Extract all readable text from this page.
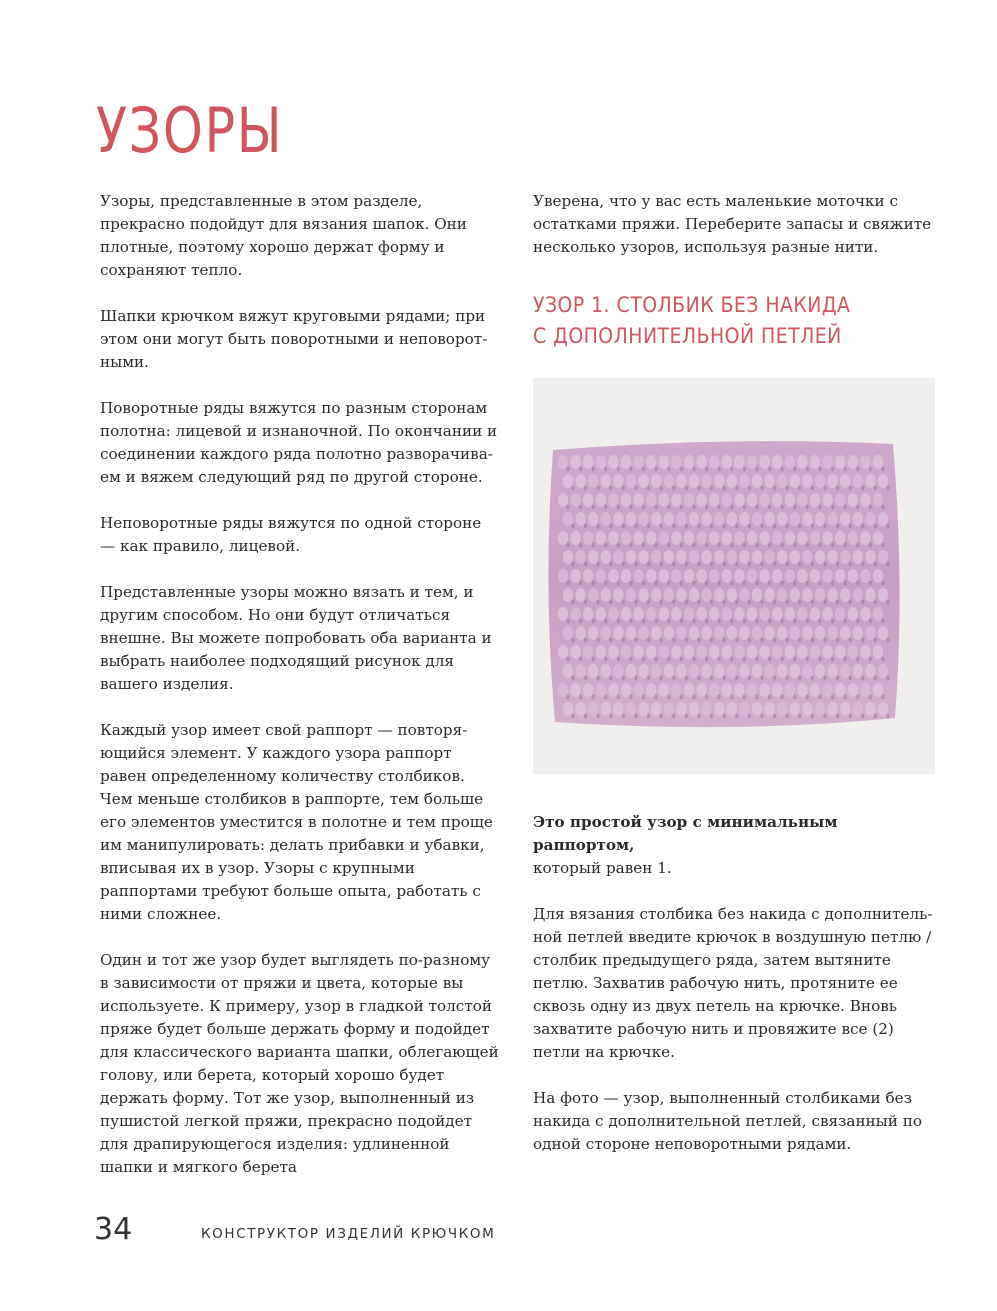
УЗОРЫ

Узоры, представленные в этом разделе, прекрасно подойдут для вязания шапок. Они плотные, поэтому хорошо держат форму и сохраняют тепло.

Шапки крючком вяжут круговыми рядами; при этом они могут быть поворотными и неповоротными.

Поворотные ряды вяжутся по разным сторонам полотна: лицевой и изнаночной. По окончании и соединении каждого ряда полотно разворачиваем и вяжем следующий ряд по другой стороне.

Неповоротные ряды вяжутся по одной стороне — как правило, лицевой.

Представленные узоры можно вязать и тем, и другим способом. Но они будут отличаться внешне. Вы можете попробовать оба варианта и выбрать наиболее подходящий рисунок для вашего изделия.

Каждый узор имеет свой раппорт — повторяющийся элемент. У каждого узора раппорт равен определенному количеству столбиков. Чем меньше столбиков в раппорте, тем больше его элементов уместится в полотне и тем проще им манипулировать: делать прибавки и убавки, вписывая их в узор. Узоры с крупными раппортами требуют больше опыта, работать с ними сложнее.

Один и тот же узор будет выглядеть по-разному в зависимости от пряжи и цвета, которые вы используете. К примеру, узор в гладкой толстой пряже будет больше держать форму и подойдет для классического варианта шапки, облегающей голову, или берета, который хорошо будет держать форму. Тот же узор, выполненный из пушистой легкой пряжи, прекрасно подойдет для драпирующегося изделия: удлиненной шапки и мягкого берета

Уверена, что у вас есть маленькие моточки с остатками пряжи. Переберите запасы и свяжите несколько узоров, используя разные нити.

УЗОР 1. СТОЛБИК БЕЗ НАКИДА
С ДОПОЛНИТЕЛЬНОЙ ПЕТЛЕЙ

Это простой узор с минимальным раппортом,
который равен 1.

Для вязания столбика без накида с дополнительной петлей введите крючок в воздушную петлю / столбик предыдущего ряда, затем вытяните петлю. Захватив рабочую нить, протяните ее сквозь одну из двух петель на крючке. Вновь захватите рабочую нить и провяжите все (2) петли на крючке.

На фото — узор, выполненный столбиками без накида с дополнительной петлей, связанный по одной стороне неповоротными рядами.

34	КОНСТРУКТОР ИЗДЕЛИЙ КРЮЧКОМ
